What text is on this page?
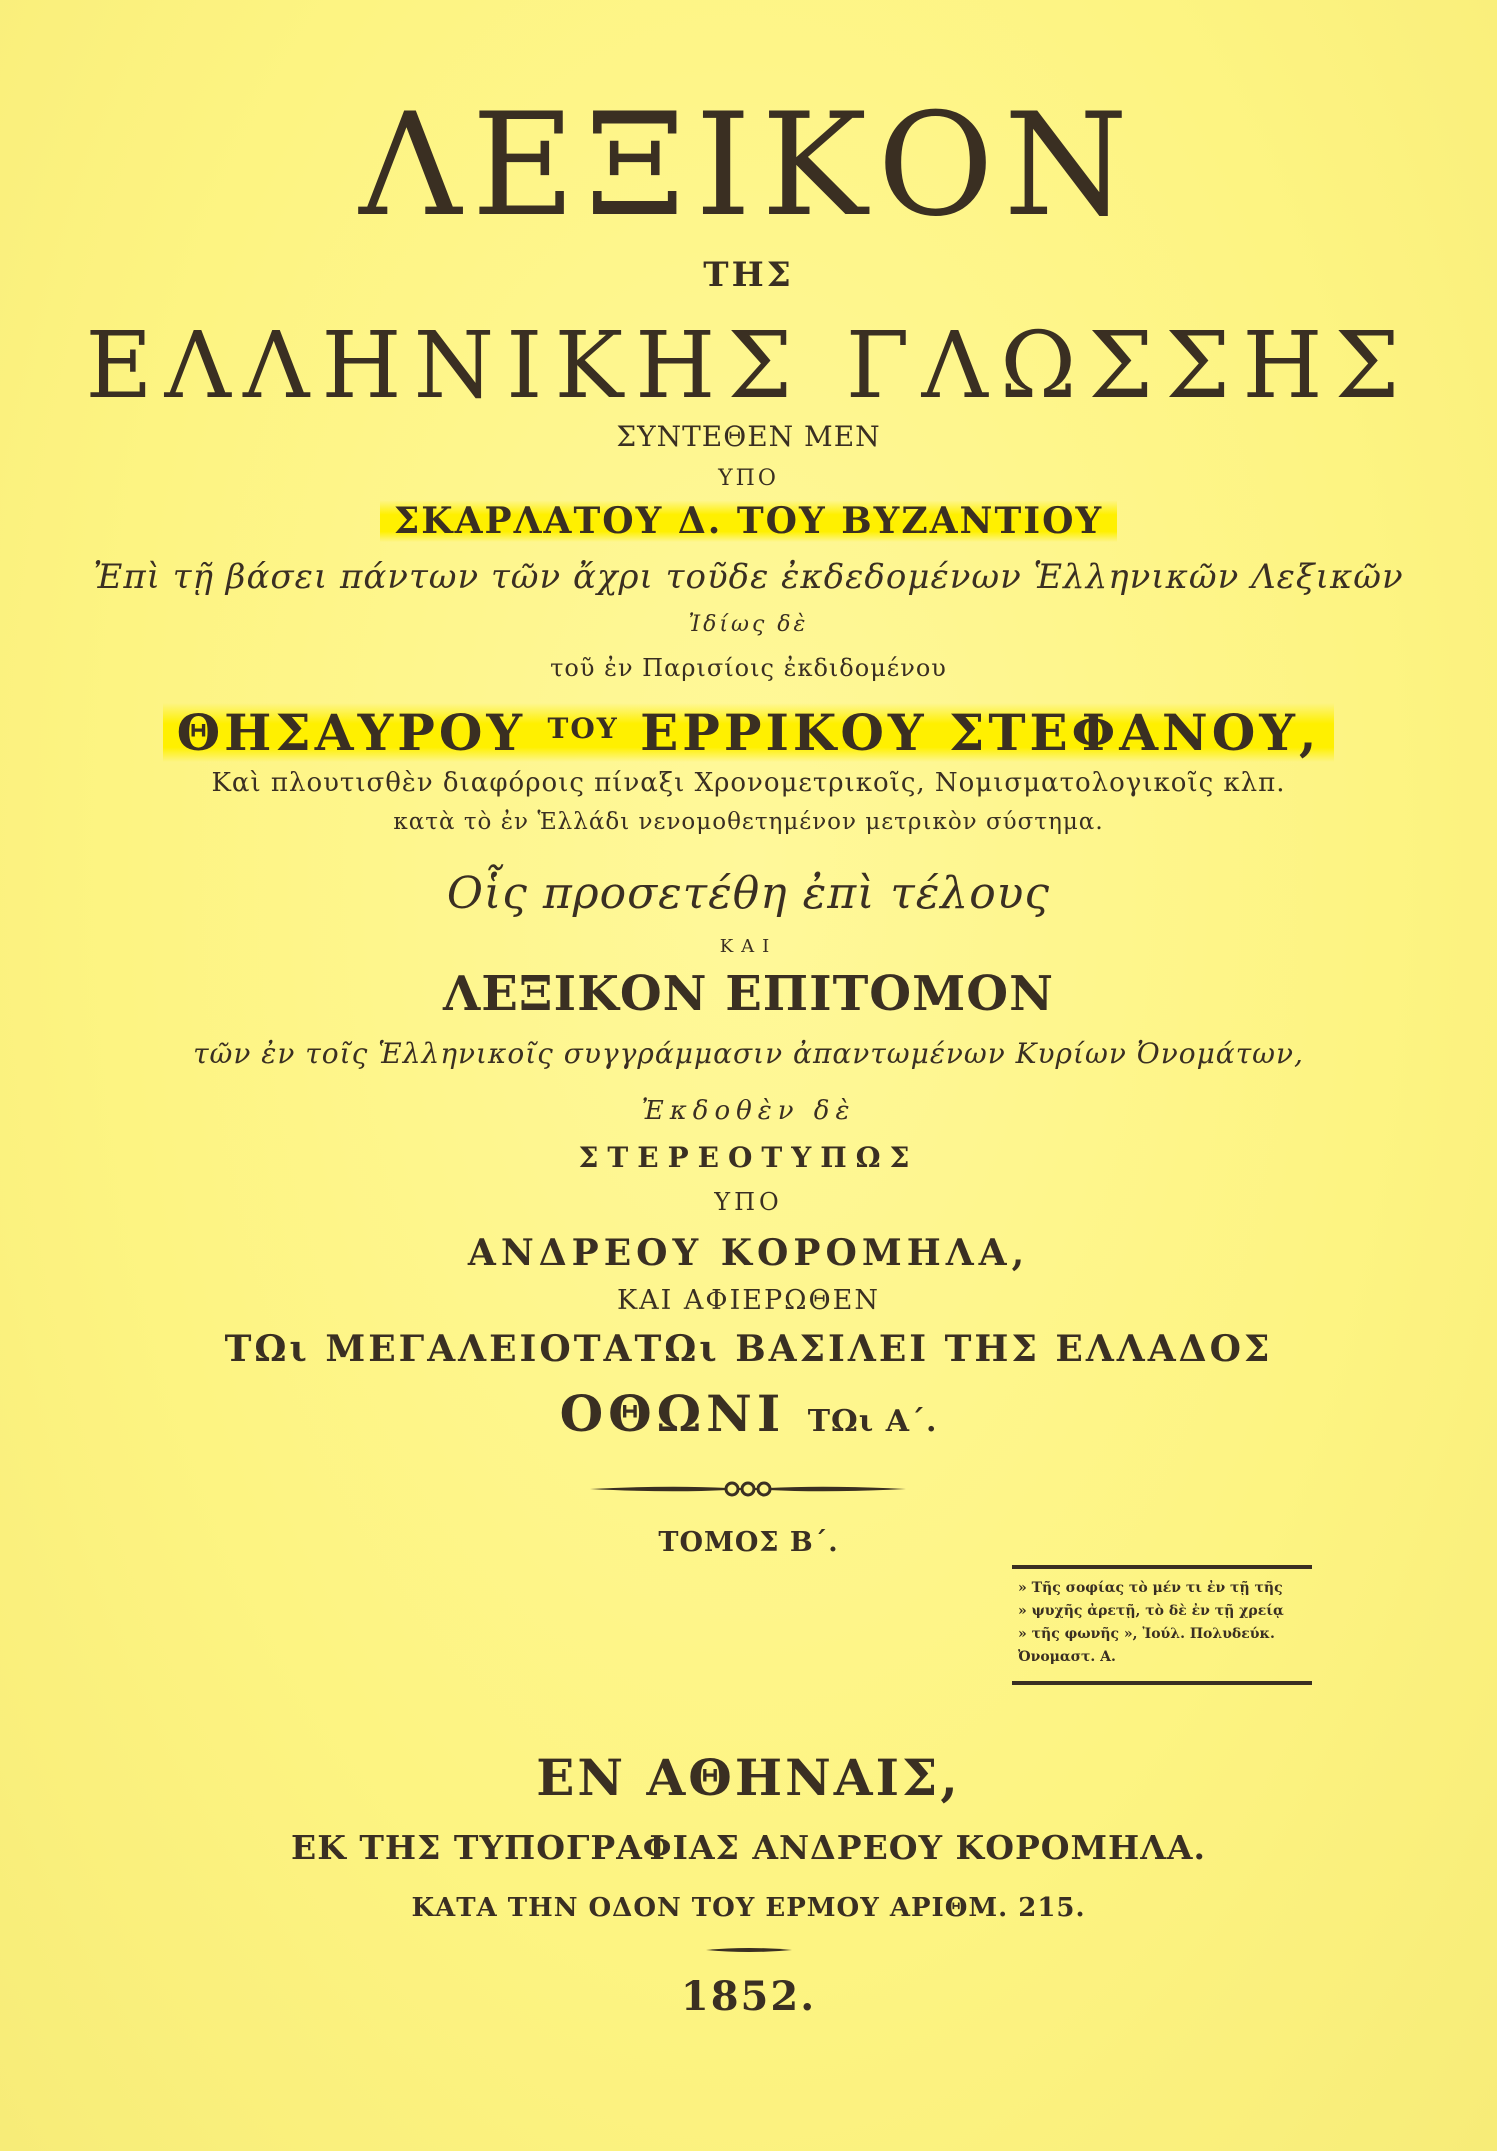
ΛΕΞΙΚΟΝ
ΤΗΣ
ΕΛΛΗΝΙΚΗΣ ΓΛΩΣΣΗΣ
ΣΥΝΤΕΘΕΝ ΜΕΝ
ΥΠΟ
ΣΚΑΡΛΑΤΟΥ Δ. ΤΟΥ ΒΥΖΑΝΤΙΟΥ
Ἐπὶ τῇ βάσει πάντων τῶν ἄχρι τοῦδε ἐκδεδομένων Ἑλληνικῶν Λεξικῶν
Ἰδίως δὲ
τοῦ ἐν Παρισίοις ἐκδιδομένου
ΘΗΣΑΥΡΟΥ $^{TO\Upsilon}$ ΕΡΡΙΚΟΥ ΣΤΕΦΑΝΟΥ,
Καὶ πλουτισθὲν διαφόροις πίναξι Χρονομετρικοῖς, Νομισματολογικοῖς κλπ.
κατὰ τὸ ἐν Ἑλλάδι νενομοθετημένον μετρικὸν σύστημα.
Οἷς προσετέθη ἐπὶ τέλους
ΚΑΙ
ΛΕΞΙΚΟΝ ΕΠΙΤΟΜΟΝ
τῶν ἐν τοῖς Ἑλληνικοῖς συγγράμμασιν ἀπαντωμένων Κυρίων Ὀνομάτων,
Ἐκδοθὲν δὲ
ΣΤΕΡΕΟΤΥΠΩΣ
ΥΠΟ
ΑΝΔΡΕΟΥ ΚΟΡΟΜΗΛΑ,
ΚΑΙ ΑΦΙΕΡΩΘΕΝ
ΤΩι ΜΕΓΑΛΕΙΟΤΑΤΩι ΒΑΣΙΛΕΙ ΤΗΣ ΕΛΛΑΔΟΣ
ΟΘΩΝΙ ΤΩι Α΄.
ΤΟΜΟΣ Β΄.
» Τῆς σοφίας τὸ μέν τι ἐν τῇ τῆς
» ψυχῆς ἀρετῇ, τὸ δὲ ἐν τῇ χρείᾳ
» τῆς φωνῆς », Ἰούλ. Πολυδεύκ.
Ὀνομαστ. Α.
ΕΝ ΑΘΗΝΑΙΣ,
ΕΚ ΤΗΣ ΤΥΠΟΓΡΑΦΙΑΣ ΑΝΔΡΕΟΥ ΚΟΡΟΜΗΛΑ.
ΚΑΤΑ ΤΗΝ ΟΔΟΝ ΤΟΥ ΕΡΜΟΥ ΑΡΙΘΜ. 215.
1852.
